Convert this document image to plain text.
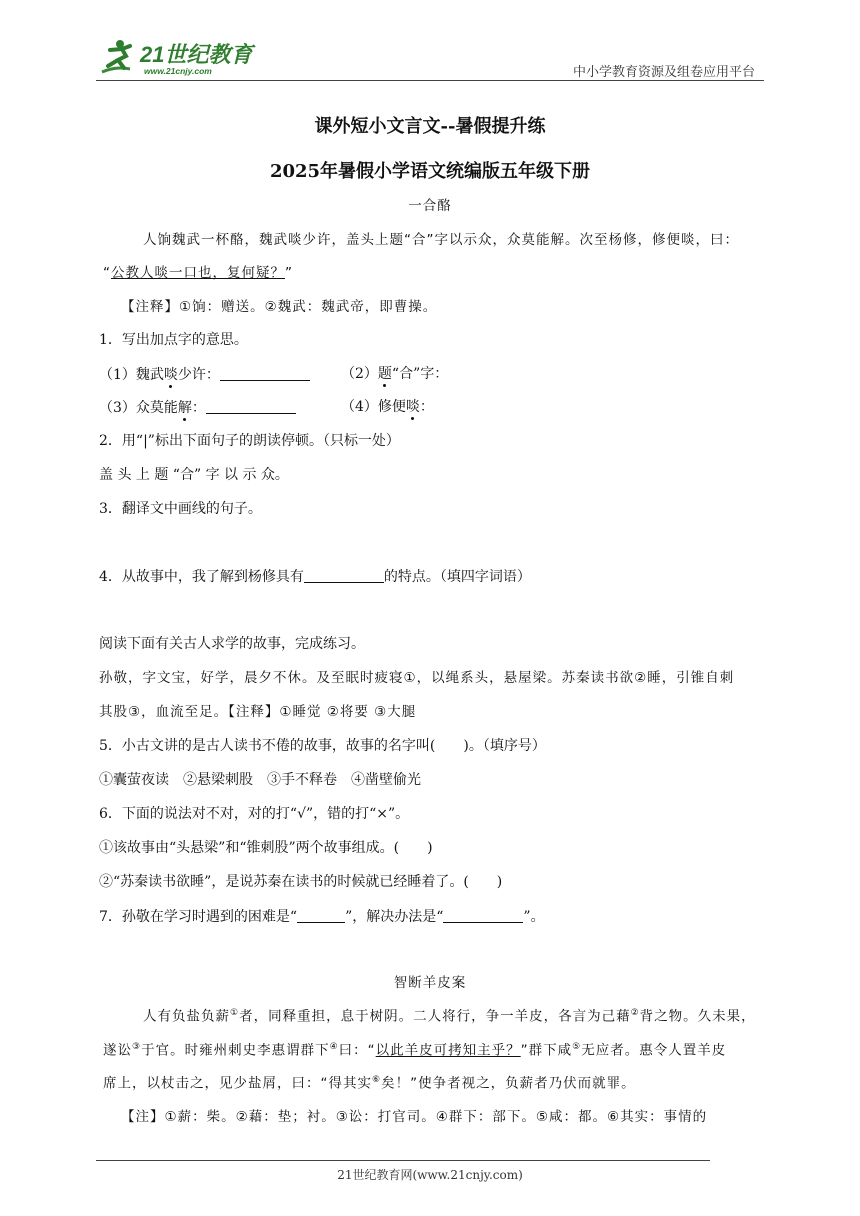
21世纪教育
www.21cnjy.com	中小学教育资源及组卷应用平台
课外短小文言文--暑假提升练
2025年暑假小学语文统编版五年级下册
一合酪
人饷魏武一杯酪，魏武啖少许，盖头上题“合”字以示众，众莫能解。次至杨修，修便啖，曰：
“公教人啖一口也，复何疑？”
【注释】①饷：赠送。②魏武：魏武帝，即曹操。
1．写出加点字的意思。
（1）魏武啖少许：	（2）题“合”字：
（3）众莫能解：	（4）修便啖：
2．用“|”标出下面句子的朗读停顿。（只标一处）
盖 头 上 题 “合” 字 以 示 众。
3．翻译文中画线的句子。
4．从故事中，我了解到杨修具有	的特点。（填四字词语）
阅读下面有关古人求学的故事，完成练习。
孙敬，字文宝，好学，晨夕不休。及至眠时疲寝①，以绳系头，悬屋梁。苏秦读书欲②睡，引锥自刺
其股③，血流至足。【注释】①睡觉 ②将要 ③大腿
5．小古文讲的是古人读书不倦的故事，故事的名字叫(　　)。（填序号）
①囊萤夜读　②悬梁刺股　③手不释卷　④凿壁偷光
6．下面的说法对不对，对的打“√”，错的打“×”。
①该故事由“头悬梁”和“锥刺股”两个故事组成。(　　)
②“苏秦读书欲睡”，是说苏秦在读书的时候就已经睡着了。(　　)
7．孙敬在学习时遇到的困难是“	”，解决办法是“	”。
智断羊皮案
人有负盐负薪①者，同释重担，息于树阴。二人将行，争一羊皮，各言为己藉②背之物。久未果，
遂讼③于官。时雍州刺史李惠谓群下④曰：“以此羊皮可拷知主乎？”群下咸⑤无应者。惠令人置羊皮
席上，以杖击之，见少盐屑，曰：“得其实⑥矣！”使争者视之，负薪者乃伏而就罪。
【注】①薪：柴。②藉：垫；衬。③讼：打官司。④群下：部下。⑤咸：都。⑥其实：事情的
21世纪教育网(www.21cnjy.com)
